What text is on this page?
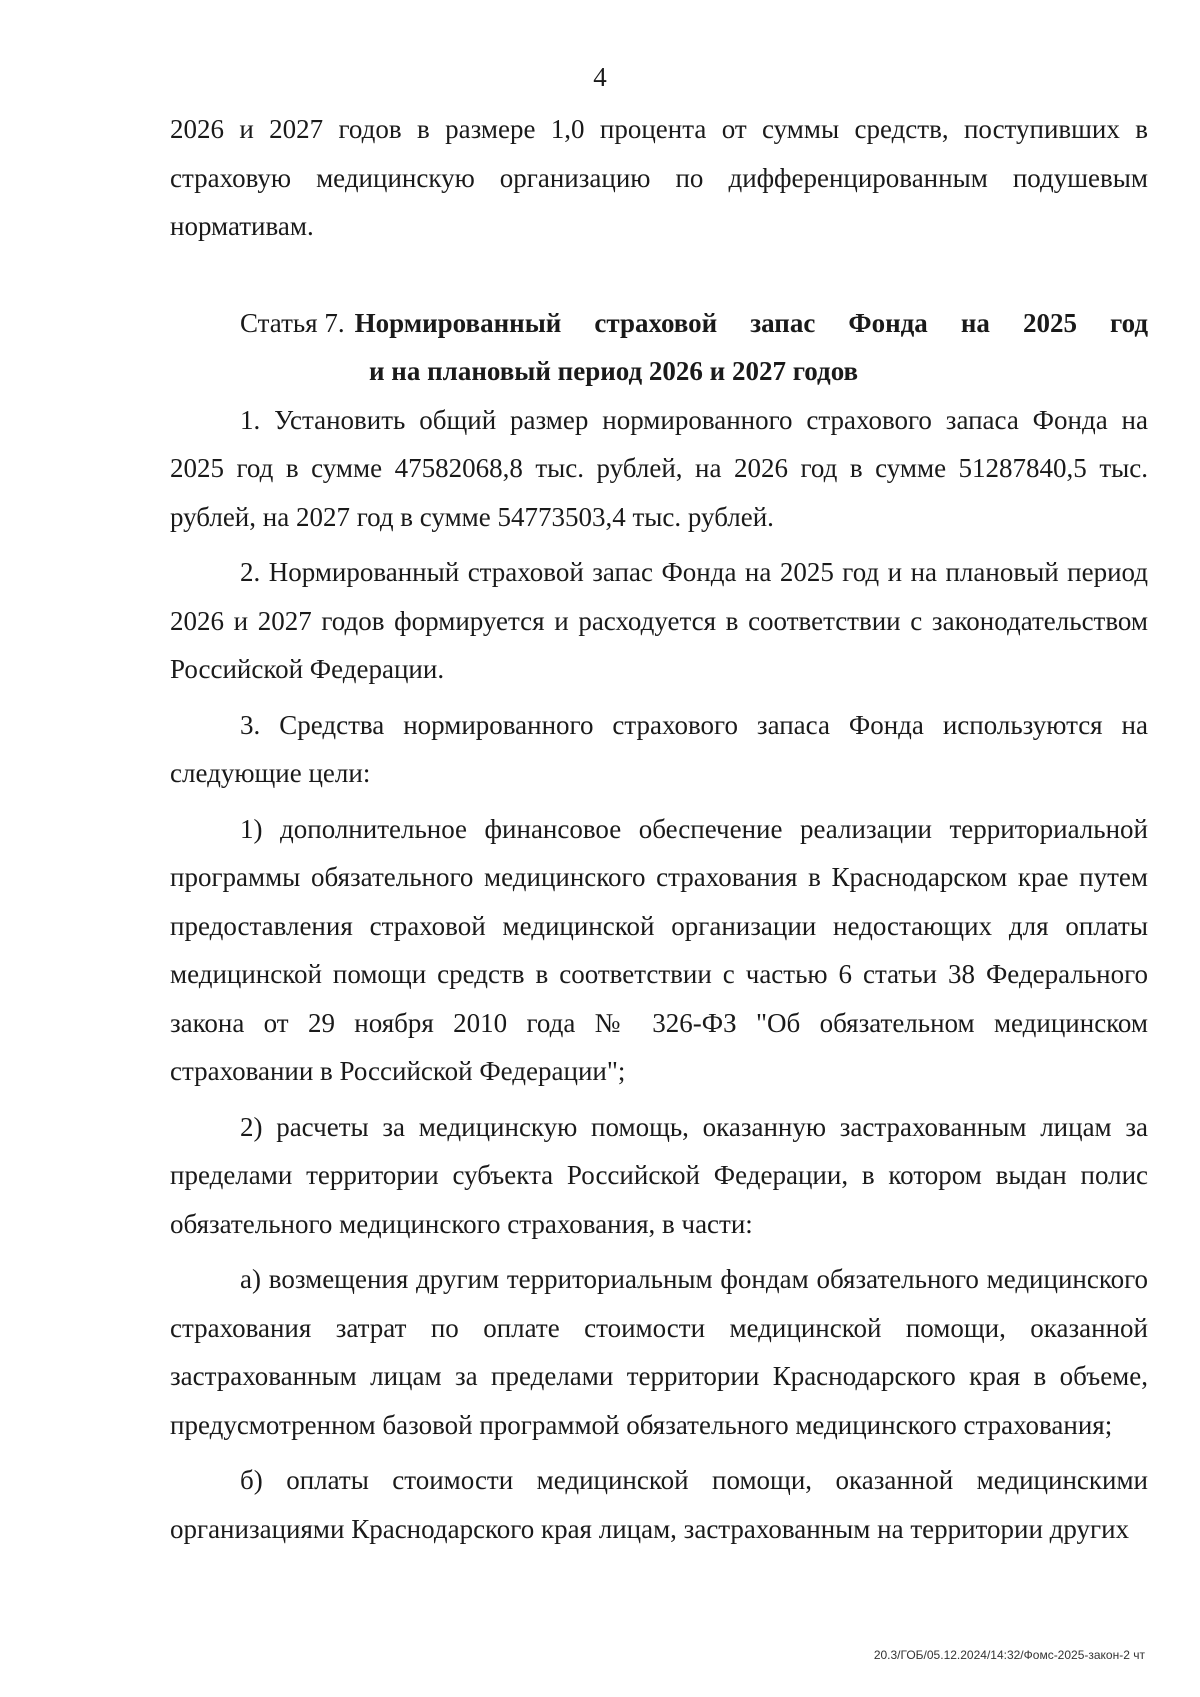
4

2026 и 2027 годов в размере 1,0 процента от суммы средств, поступивших в страховую медицинскую организацию по дифференцированным подушевым нормативам.

Статья 7. Нормированный страховой запас Фонда на 2025 год
и на плановый период 2026 и 2027 годов

1. Установить общий размер нормированного страхового запаса Фонда на 2025 год в сумме 47582068,8 тыс. рублей, на 2026 год в сумме 51287840,5 тыс. рублей, на 2027 год в сумме 54773503,4 тыс. рублей.

2. Нормированный страховой запас Фонда на 2025 год и на плановый период 2026 и 2027 годов формируется и расходуется в соответствии с законодательством Российской Федерации.

3. Средства нормированного страхового запаса Фонда используются на следующие цели:

1) дополнительное финансовое обеспечение реализации территориальной программы обязательного медицинского страхования в Краснодарском крае путем предоставления страховой медицинской организации недостающих для оплаты медицинской помощи средств в соответствии с частью 6 статьи 38 Федерального закона от 29 ноября 2010 года № 326-ФЗ "Об обязательном медицинском страховании в Российской Федерации";

2) расчеты за медицинскую помощь, оказанную застрахованным лицам за пределами территории субъекта Российской Федерации, в котором выдан полис обязательного медицинского страхования, в части:

а) возмещения другим территориальным фондам обязательного медицинского страхования затрат по оплате стоимости медицинской помощи, оказанной застрахованным лицам за пределами территории Краснодарского края в объеме, предусмотренном базовой программой обязательного медицинского страхования;

б) оплаты стоимости медицинской помощи, оказанной медицинскими организациями Краснодарского края лицам, застрахованным на территории других

20.3/ГОБ/05.12.2024/14:32/Фомс-2025-закон-2 чт
